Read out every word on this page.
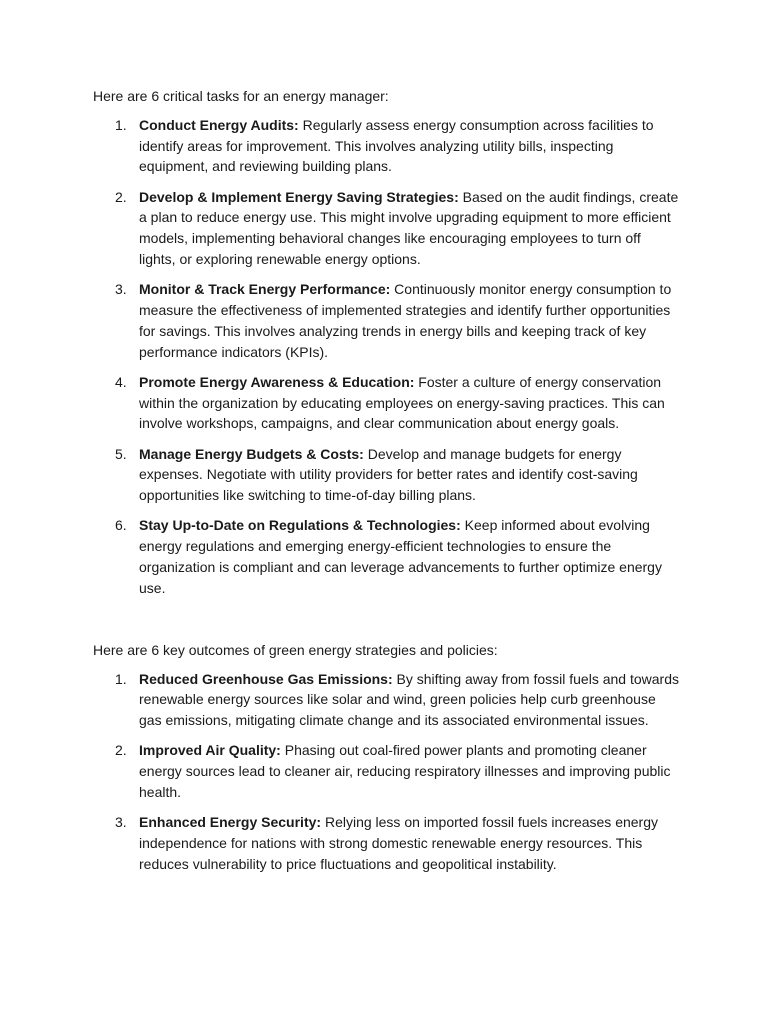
Here are 6 critical tasks for an energy manager:

1. Conduct Energy Audits: Regularly assess energy consumption across facilities to identify areas for improvement. This involves analyzing utility bills, inspecting equipment, and reviewing building plans.
2. Develop & Implement Energy Saving Strategies: Based on the audit findings, create a plan to reduce energy use. This might involve upgrading equipment to more efficient models, implementing behavioral changes like encouraging employees to turn off lights, or exploring renewable energy options.
3. Monitor & Track Energy Performance: Continuously monitor energy consumption to measure the effectiveness of implemented strategies and identify further opportunities for savings. This involves analyzing trends in energy bills and keeping track of key performance indicators (KPIs).
4. Promote Energy Awareness & Education: Foster a culture of energy conservation within the organization by educating employees on energy-saving practices. This can involve workshops, campaigns, and clear communication about energy goals.
5. Manage Energy Budgets & Costs: Develop and manage budgets for energy expenses. Negotiate with utility providers for better rates and identify cost-saving opportunities like switching to time-of-day billing plans.
6. Stay Up-to-Date on Regulations & Technologies: Keep informed about evolving energy regulations and emerging energy-efficient technologies to ensure the organization is compliant and can leverage advancements to further optimize energy use.

Here are 6 key outcomes of green energy strategies and policies:

1. Reduced Greenhouse Gas Emissions: By shifting away from fossil fuels and towards renewable energy sources like solar and wind, green policies help curb greenhouse gas emissions, mitigating climate change and its associated environmental issues.
2. Improved Air Quality: Phasing out coal-fired power plants and promoting cleaner energy sources lead to cleaner air, reducing respiratory illnesses and improving public health.
3. Enhanced Energy Security: Relying less on imported fossil fuels increases energy independence for nations with strong domestic renewable energy resources. This reduces vulnerability to price fluctuations and geopolitical instability.
